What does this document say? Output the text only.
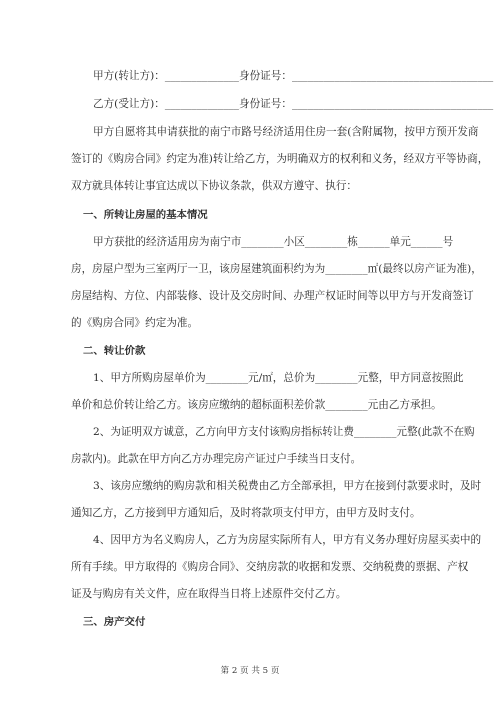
甲方(转让方)：______________身份证号：______________________________________
乙方(受让方)：______________身份证号：______________________________________
甲方自愿将其申请获批的南宁市路号经济适用住房一套(含附属物，按甲方预开发商
签订的《购房合同》约定为准)转让给乙方，为明确双方的权利和义务，经双方平等协商，
双方就具体转让事宜达成以下协议条款，供双方遵守、执行：
一、所转让房屋的基本情况
甲方获批的经济适用房为南宁市________小区________栋______单元______号
房，房屋户型为三室两厅一卫，该房屋建筑面积约为为________㎡(最终以房产证为准)，
房屋结构、方位、内部装修、设计及交房时间、办理产权证时间等以甲方与开发商签订
的《购房合同》约定为准。
二、转让价款
1、甲方所购房屋单价为________元/㎡，总价为________元整，甲方同意按照此
单价和总价转让给乙方。该房应缴纳的超标面积差价款________元由乙方承担。
2、为证明双方诚意，乙方向甲方支付该购房指标转让费________元整(此款不在购
房款内)。此款在甲方向乙方办理完房产证过户手续当日支付。
3、该房应缴纳的购房款和相关税费由乙方全部承担，甲方在接到付款要求时，及时
通知乙方，乙方接到甲方通知后，及时将款项支付甲方，由甲方及时支付。
4、因甲方为名义购房人，乙方为房屋实际所有人，甲方有义务办理好房屋买卖中的
所有手续。甲方取得的《购房合同》、交纳房款的收据和发票、交纳税费的票据、产权
证及与购房有关文件，应在取得当日将上述原件交付乙方。
三、房产交付
第 2 页 共 5 页
